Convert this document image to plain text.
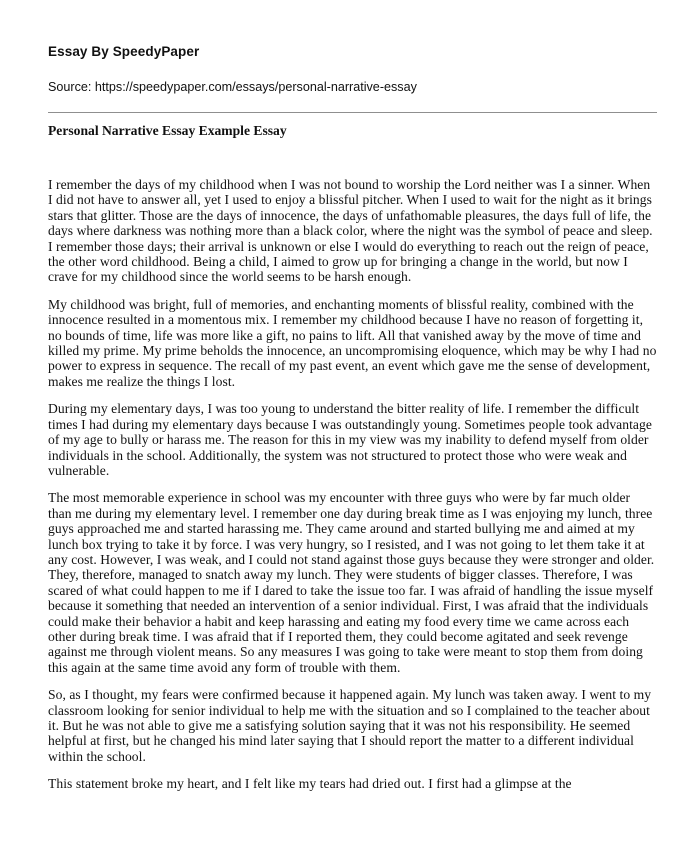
Essay By SpeedyPaper
Source: https://speedypaper.com/essays/personal-narrative-essay
Personal Narrative Essay Example Essay

I remember the days of my childhood when I was not bound to worship the Lord neither was I a sinner. When I did not have to answer all, yet I used to enjoy a blissful pitcher. When I used to wait for the night as it brings stars that glitter. Those are the days of innocence, the days of unfathomable pleasures, the days full of life, the days where darkness was nothing more than a black color, where the night was the symbol of peace and sleep. I remember those days; their arrival is unknown or else I would do everything to reach out the reign of peace, the other word childhood. Being a child, I aimed to grow up for bringing a change in the world, but now I crave for my childhood since the world seems to be harsh enough.

My childhood was bright, full of memories, and enchanting moments of blissful reality, combined with the innocence resulted in a momentous mix. I remember my childhood because I have no reason of forgetting it, no bounds of time, life was more like a gift, no pains to lift. All that vanished away by the move of time and killed my prime. My prime beholds the innocence, an uncompromising eloquence, which may be why I had no power to express in sequence. The recall of my past event, an event which gave me the sense of development, makes me realize the things I lost.

During my elementary days, I was too young to understand the bitter reality of life. I remember the difficult times I had during my elementary days because I was outstandingly young. Sometimes people took advantage of my age to bully or harass me. The reason for this in my view was my inability to defend myself from older individuals in the school. Additionally, the system was not structured to protect those who were weak and vulnerable.

The most memorable experience in school was my encounter with three guys who were by far much older than me during my elementary level. I remember one day during break time as I was enjoying my lunch, three guys approached me and started harassing me. They came around and started bullying me and aimed at my lunch box trying to take it by force. I was very hungry, so I resisted, and I was not going to let them take it at any cost. However, I was weak, and I could not stand against those guys because they were stronger and older. They, therefore, managed to snatch away my lunch. They were students of bigger classes. Therefore, I was scared of what could happen to me if I dared to take the issue too far. I was afraid of handling the issue myself because it something that needed an intervention of a senior individual. First, I was afraid that the individuals could make their behavior a habit and keep harassing and eating my food every time we came across each other during break time. I was afraid that if I reported them, they could become agitated and seek revenge against me through violent means. So any measures I was going to take were meant to stop them from doing this again at the same time avoid any form of trouble with them.

So, as I thought, my fears were confirmed because it happened again. My lunch was taken away. I went to my classroom looking for senior individual to help me with the situation and so I complained to the teacher about it. But he was not able to give me a satisfying solution saying that it was not his responsibility. He seemed helpful at first, but he changed his mind later saying that I should report the matter to a different individual within the school.

This statement broke my heart, and I felt like my tears had dried out. I first had a glimpse at the
